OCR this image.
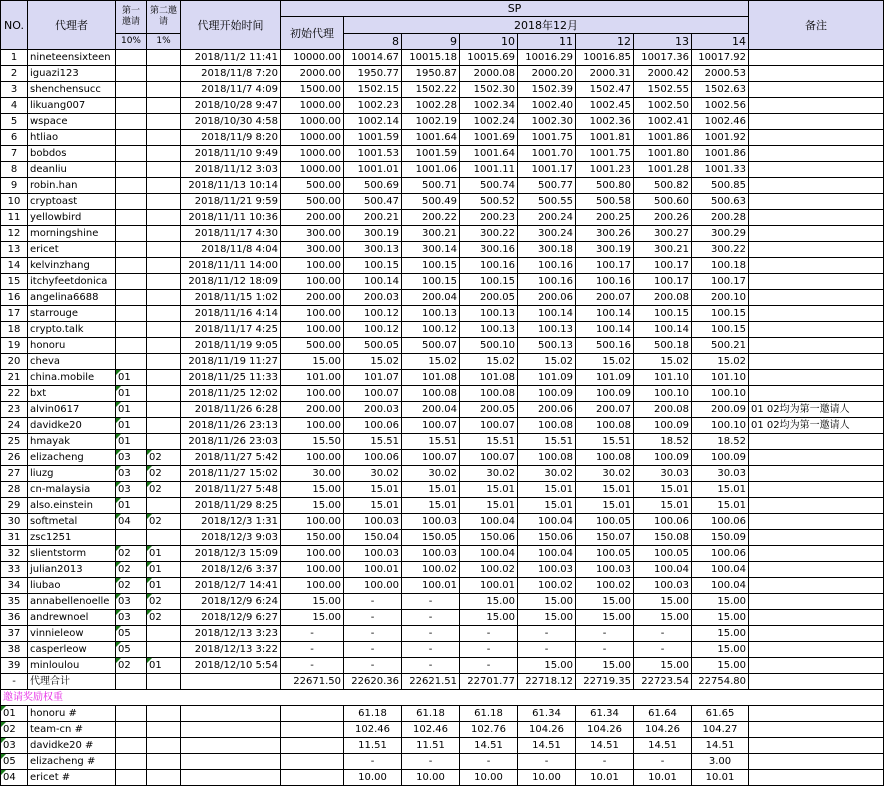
NO.	代理者	第一邀请	第二邀请	代理开始时间	SP								备注
					初始代理	2018年12月							
		10%	1%			8	9	10	11	12	13	14	
1	nineteensixteen			2018/11/2 11:41	10000.00	10014.67	10015.18	10015.69	10016.29	10016.85	10017.36	10017.92	
2	iguazi123			2018/11/8 7:20	2000.00	1950.77	1950.87	2000.08	2000.20	2000.31	2000.42	2000.53	
3	shenchensucc			2018/11/7 4:09	1500.00	1502.15	1502.22	1502.30	1502.39	1502.47	1502.55	1502.63	
4	likuang007			2018/10/28 9:47	1000.00	1002.23	1002.28	1002.34	1002.40	1002.45	1002.50	1002.56	
5	wspace			2018/10/30 4:58	1000.00	1002.14	1002.19	1002.24	1002.30	1002.36	1002.41	1002.46	
6	htliao			2018/11/9 8:20	1000.00	1001.59	1001.64	1001.69	1001.75	1001.81	1001.86	1001.92	
7	bobdos			2018/11/10 9:49	1000.00	1001.53	1001.59	1001.64	1001.70	1001.75	1001.80	1001.86	
8	deanliu			2018/11/12 3:03	1000.00	1001.01	1001.06	1001.11	1001.17	1001.23	1001.28	1001.33	
9	robin.han			2018/11/13 10:14	500.00	500.69	500.71	500.74	500.77	500.80	500.82	500.85	
10	cryptoast			2018/11/21 9:59	500.00	500.47	500.49	500.52	500.55	500.58	500.60	500.63	
11	yellowbird			2018/11/11 10:36	200.00	200.21	200.22	200.23	200.24	200.25	200.26	200.28	
12	morningshine			2018/11/17 4:30	300.00	300.19	300.21	300.22	300.24	300.26	300.27	300.29	
13	ericet			2018/11/8 4:04	300.00	300.13	300.14	300.16	300.18	300.19	300.21	300.22	
14	kelvinzhang			2018/11/11 14:00	100.00	100.15	100.15	100.16	100.16	100.17	100.17	100.18	
15	itchyfeetdonica			2018/11/12 18:09	100.00	100.14	100.15	100.15	100.16	100.16	100.17	100.17	
16	angelina6688			2018/11/15 1:02	200.00	200.03	200.04	200.05	200.06	200.07	200.08	200.10	
17	starrouge			2018/11/16 4:14	100.00	100.12	100.13	100.13	100.14	100.14	100.15	100.15	
18	crypto.talk			2018/11/17 4:25	100.00	100.12	100.12	100.13	100.13	100.14	100.14	100.15	
19	honoru			2018/11/19 9:05	500.00	500.05	500.07	500.10	500.13	500.16	500.18	500.21	
20	cheva			2018/11/19 11:27	15.00	15.02	15.02	15.02	15.02	15.02	15.02	15.02	
21	china.mobile	01		2018/11/25 11:33	101.00	101.07	101.08	101.08	101.09	101.09	101.10	101.10	
22	bxt	01		2018/11/25 12:02	100.00	100.07	100.08	100.08	100.09	100.09	100.10	100.10	
23	alvin0617	01		2018/11/26 6:28	200.00	200.03	200.04	200.05	200.06	200.07	200.08	200.09	01 02均为第一邀请人
24	davidke20	01		2018/11/26 23:13	100.00	100.06	100.07	100.07	100.08	100.08	100.09	100.10	01 02均为第一邀请人
25	hmayak	01		2018/11/26 23:03	15.50	15.51	15.51	15.51	15.51	15.51	18.52	18.52	
26	elizacheng	03	02	2018/11/27 5:42	100.00	100.06	100.07	100.07	100.08	100.08	100.09	100.09	
27	liuzg	03	02	2018/11/27 15:02	30.00	30.02	30.02	30.02	30.02	30.02	30.03	30.03	
28	cn-malaysia	03	02	2018/11/27 5:48	15.00	15.01	15.01	15.01	15.01	15.01	15.01	15.01	
29	also.einstein	01		2018/11/29 8:25	15.00	15.01	15.01	15.01	15.01	15.01	15.01	15.01	
30	softmetal	04	02	2018/12/3 1:31	100.00	100.03	100.03	100.04	100.04	100.05	100.06	100.06	
31	zsc1251			2018/12/3 9:03	150.00	150.04	150.05	150.06	150.06	150.07	150.08	150.09	
32	slientstorm	02	01	2018/12/3 15:09	100.00	100.03	100.03	100.04	100.04	100.05	100.05	100.06	
33	julian2013	02	01	2018/12/6 3:37	100.00	100.01	100.02	100.02	100.03	100.03	100.04	100.04	
34	liubao	02	01	2018/12/7 14:41	100.00	100.00	100.01	100.01	100.02	100.02	100.03	100.04	
35	annabellenoelle	03	02	2018/12/9 6:24	15.00	-	-	15.00	15.00	15.00	15.00	15.00	
36	andrewnoel	03	02	2018/12/9 6:27	15.00	-	-	15.00	15.00	15.00	15.00	15.00	
37	vinnieleow	05		2018/12/13 3:23	-	-	-	-	-	-	-	15.00	
38	casperleow	05		2018/12/13 3:22	-	-	-	-	-	-	-	15.00	
39	minloulou	02	01	2018/12/10 5:54	-	-	-	-	15.00	15.00	15.00	15.00	
-	代理合计				22671.50	22620.36	22621.51	22701.77	22718.12	22719.35	22723.54	22754.80	
邀请奖励权重													
01	honoru #					61.18	61.18	61.18	61.34	61.34	61.64	61.65	
02	team-cn #					102.46	102.46	102.76	104.26	104.26	104.26	104.27	
03	davidke20 #					11.51	11.51	14.51	14.51	14.51	14.51	14.51	
05	elizacheng #					-	-	-	-	-	-	3.00	
04	ericet #					10.00	10.00	10.00	10.00	10.01	10.01	10.01	
